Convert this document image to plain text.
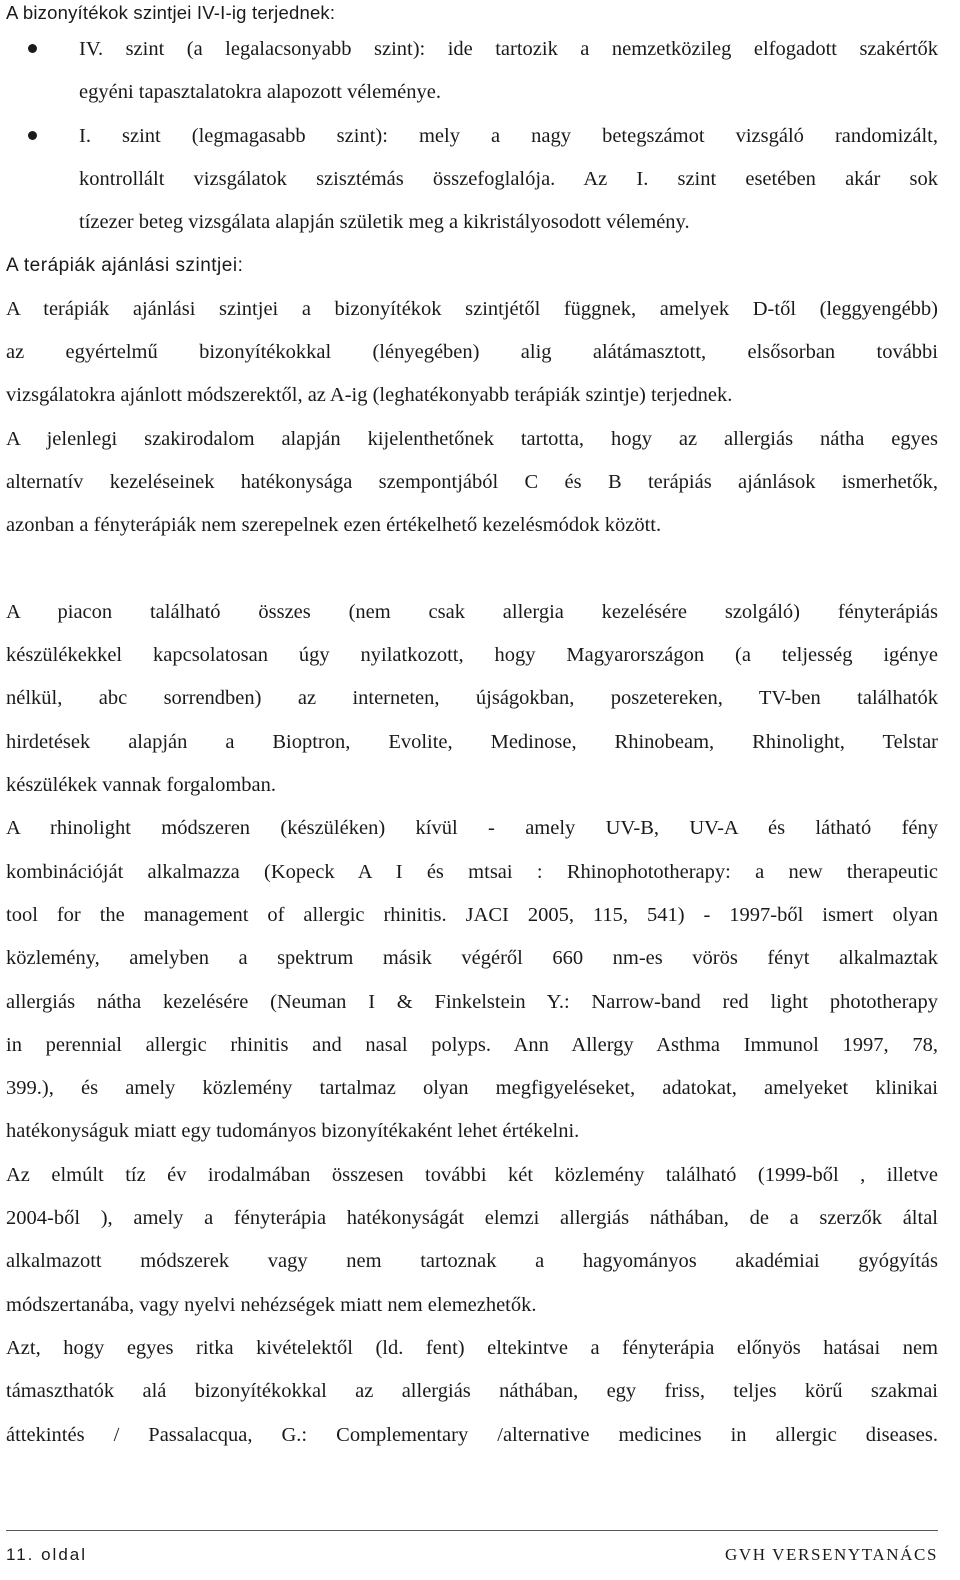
A bizonyítékok szintjei IV-I-ig terjednek:
IV. szint (a legalacsonyabb szint): ide tartozik a nemzetközileg elfogadott szakértők
egyéni tapasztalatokra alapozott véleménye.
I. szint (legmagasabb szint): mely a nagy betegszámot vizsgáló randomizált,
kontrollált vizsgálatok szisztémás összefoglalója. Az I. szint esetében akár sok
tízezer beteg vizsgálata alapján születik meg a kikristályosodott vélemény.
A terápiák ajánlási szintjei:
A terápiák ajánlási szintjei a bizonyítékok szintjétől függnek, amelyek D-től (leggyengébb)
az egyértelmű bizonyítékokkal (lényegében) alig alátámasztott, elsősorban további
vizsgálatokra ajánlott módszerektől, az A-ig (leghatékonyabb terápiák szintje) terjednek.
A jelenlegi szakirodalom alapján kijelenthetőnek tartotta, hogy az allergiás nátha egyes
alternatív kezeléseinek hatékonysága szempontjából C és B terápiás ajánlások ismerhetők,
azonban a fényterápiák nem szerepelnek ezen értékelhető kezelésmódok között.
A piacon található összes (nem csak allergia kezelésére szolgáló) fényterápiás
készülékekkel kapcsolatosan úgy nyilatkozott, hogy Magyarországon (a teljesség igénye
nélkül, abc sorrendben) az interneten, újságokban, poszetereken, TV-ben találhatók
hirdetések alapján a Bioptron, Evolite, Medinose, Rhinobeam, Rhinolight, Telstar
készülékek vannak forgalomban.
A rhinolight módszeren (készüléken) kívül - amely UV-B, UV-A és látható fény
kombinációját alkalmazza (Kopeck A I és mtsai : Rhinophototherapy: a new therapeutic
tool for the management of allergic rhinitis. JACI 2005, 115, 541) - 1997-ből ismert olyan
közlemény, amelyben a spektrum másik végéről 660 nm-es vörös fényt alkalmaztak
allergiás nátha kezelésére (Neuman I & Finkelstein Y.: Narrow-band red light phototherapy
in perennial allergic rhinitis and nasal polyps. Ann Allergy Asthma Immunol 1997, 78,
399.), és amely közlemény tartalmaz olyan megfigyeléseket, adatokat, amelyeket klinikai
hatékonyságuk miatt egy tudományos bizonyítékaként lehet értékelni.
Az elmúlt tíz év irodalmában összesen további két közlemény található (1999-ből , illetve
2004-ből ), amely a fényterápia hatékonyságát elemzi allergiás náthában, de a szerzők által
alkalmazott módszerek vagy nem tartoznak a hagyományos akadémiai gyógyítás
módszertanába, vagy nyelvi nehézségek miatt nem elemezhetők.
Azt, hogy egyes ritka kivételektől (ld. fent) eltekintve a fényterápia előnyös hatásai nem
támaszthatók alá bizonyítékokkal az allergiás náthában, egy friss, teljes körű szakmai
áttekintés / Passalacqua, G.: Complementary /alternative medicines in allergic diseases.
11. oldal	GVH VERSENYTANÁCS
